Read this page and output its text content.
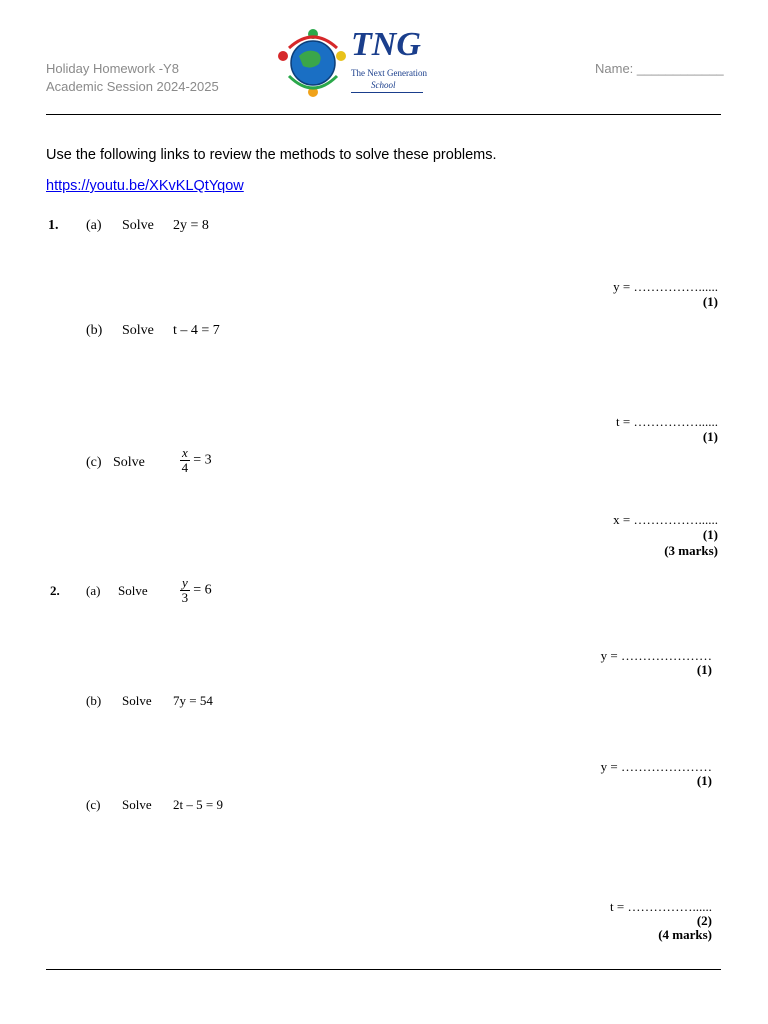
Holiday Homework -Y8
Academic Session 2024-2025
Name: ____________
TNG
The Next Generation
School
Use the following links to review the methods to solve these problems.
https://youtu.be/XKvKLQtYqow
1. (a) Solve 2y = 8
y = ……………......
(1)
(b) Solve t – 4 = 7
t = ……………......
(1)
(c) Solve	$\frac{x}{4} = 3$
x = ……………......
(1)
(3 marks)
2. (a) Solve $\frac{y}{3} = 6$
y = …………………
(1)
(b) Solve 7y = 54
y = …………………
(1)
(c) Solve 2t – 5 = 9
t = ……………......
(2)
(4 marks)
